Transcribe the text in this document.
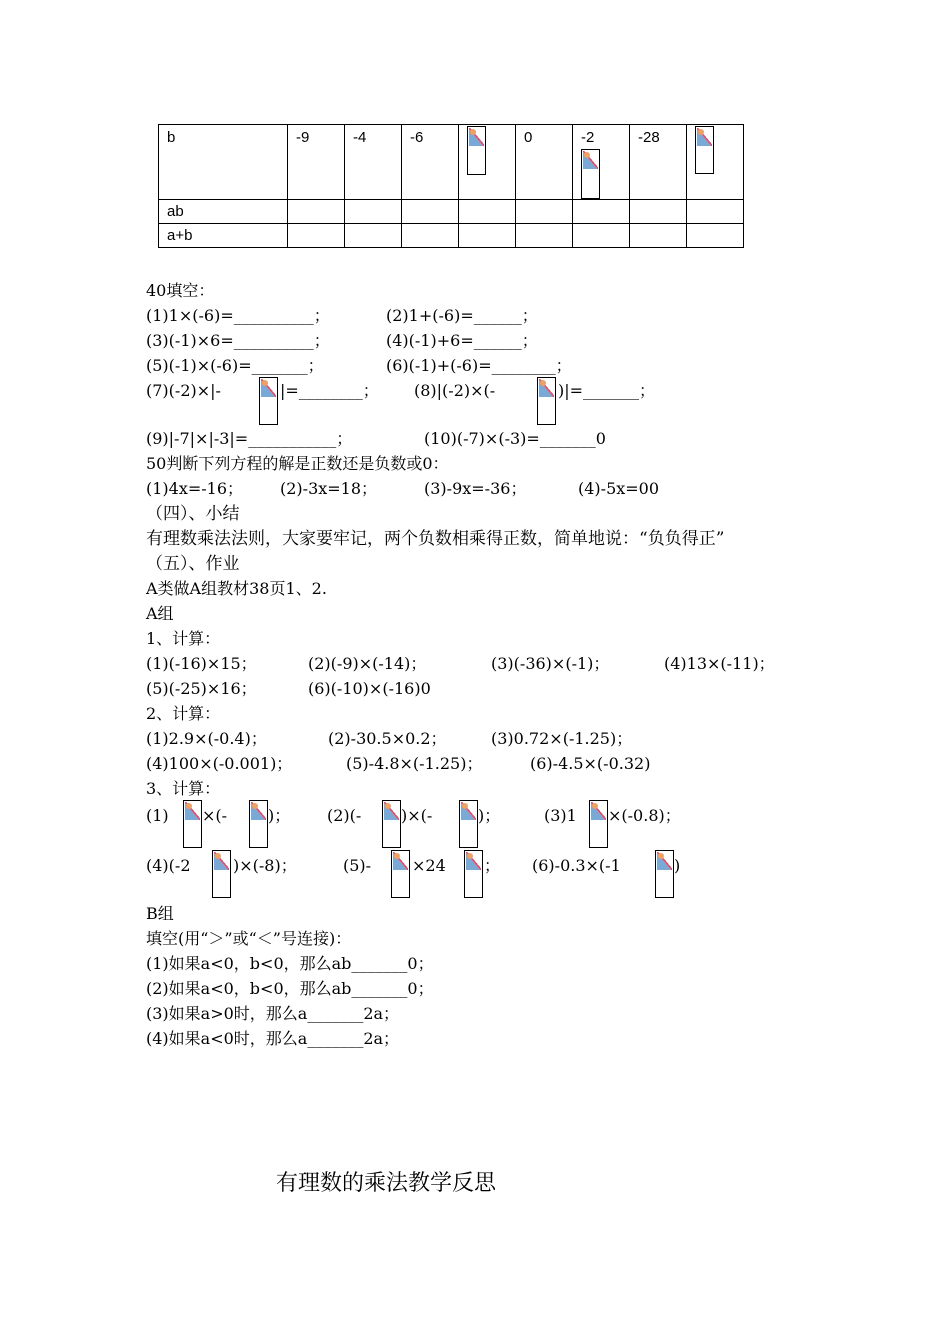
b	-9	-4	-6		0	-2	-28	

ab								
a+b								
40填空：
(1)1×(-6)=__________；	(2)1+(-6)=______；
(3)(-1)×6=__________；	(4)(-1)+6=______；
(5)(-1)×(-6)=_______；	(6)(-1)+(-6)=________；
(7)(-2)×|-	|=________； (8)|(-2)×(-	)|=_______；
(9)|-7|×|-3|=___________；	(10)(-7)×(-3)=_______0
50判断下列方程的解是正数还是负数或0：
(1)4x=-16； (2)-3x=18；	(3)-9x=-36；	(4)-5x=00
（四）、小结
有理数乘法法则，大家要牢记，两个负数相乘得正数，简单地说：“负负得正”
（五）、作业
A类做A组教材38页1、2.
A组
1、计算：
(1)(-16)×15；	(2)(-9)×(-14)；	(3)(-36)×(-1)；	(4)13×(-11)；
(5)(-25)×16；	(6)(-10)×(-16)0
2、计算：
(1)2.9×(-0.4)；	(2)-30.5×0.2；	(3)0.72×(-1.25)；
(4)100×(-0.001)；	(5)-4.8×(-1.25)；	(6)-4.5×(-0.32)
3、计算：
(1) ×(-	)； (2)(- )×(-	)；	(3)1 ×(-0.8)；
(4)(-2	)×(-8)；	(5)-	×24 ； (6)-0.3×(-1	)
B组
填空(用“＞”或“＜”号连接)：
(1)如果a<0，b<0，那么ab_______0；
(2)如果a<0，b<0，那么ab_______0；
(3)如果a>0时，那么a_______2a；
(4)如果a<0时，那么a_______2a；
有理数的乘法教学反思
